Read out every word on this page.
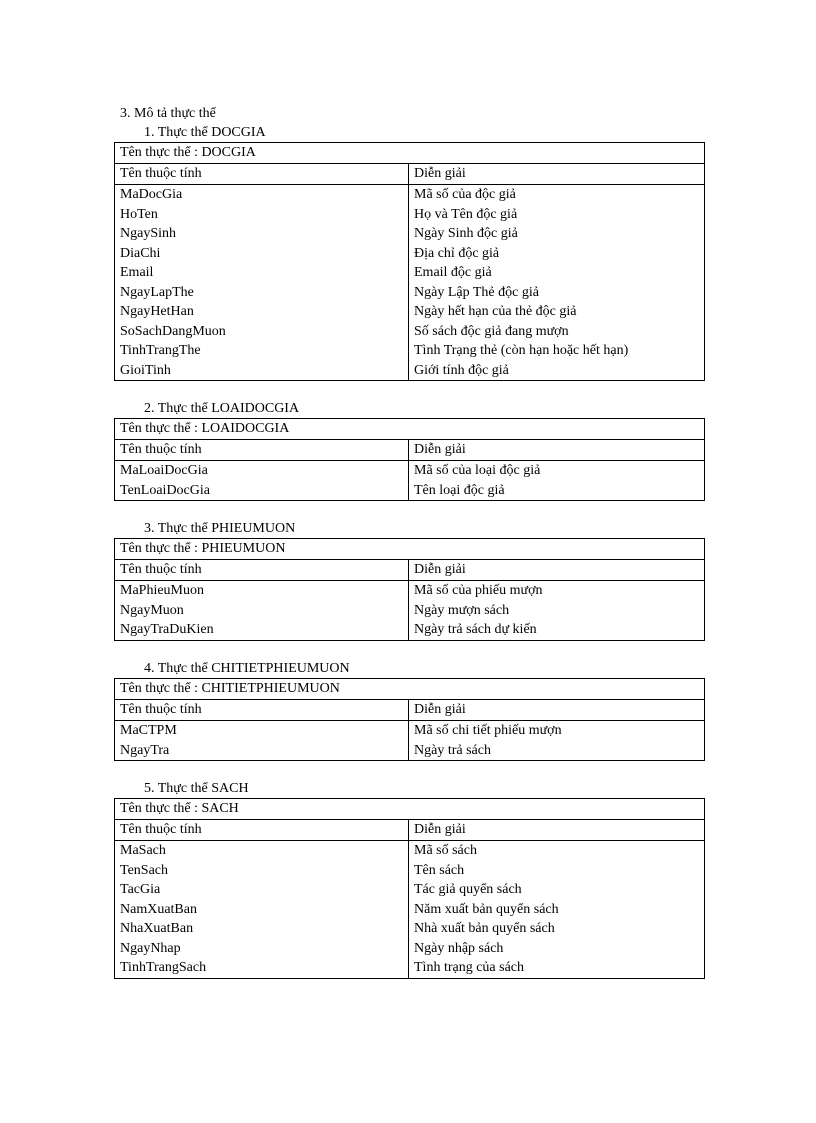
3. Mô tả thực thể
1. Thực thể DOCGIA
Tên thực thể : DOCGIA	
Tên thuộc tính	Diễn giải
MaDocGia	Mã số của độc giả
HoTen	Họ và Tên độc giả
NgaySinh	Ngày Sinh độc giả
DiaChi	Địa chỉ độc giả
Email	Email độc giả
NgayLapThe	Ngày Lập Thẻ độc giả
NgayHetHan	Ngày hết hạn của thẻ độc giả
SoSachDangMuon	Số sách độc giả đang mượn
TinhTrangThe	Tình Trạng thẻ (còn hạn hoặc hết hạn)
GioiTinh	Giới tính độc giả
2. Thực thể LOAIDOCGIA
Tên thực thể : LOAIDOCGIA	
Tên thuộc tính	Diễn giải
MaLoaiDocGia	Mã số của loại độc giả
TenLoaiDocGia	Tên loại độc giả
3. Thực thể PHIEUMUON
Tên thực thể : PHIEUMUON	
Tên thuộc tính	Diễn giải
MaPhieuMuon	Mã số của phiếu mượn
NgayMuon	Ngày mượn sách
NgayTraDuKien	Ngày trả sách dự kiến
4. Thực thể CHITIETPHIEUMUON
Tên thực thể : CHITIETPHIEUMUON	
Tên thuộc tính	Diễn giải
MaCTPM	Mã số chi tiết phiếu mượn
NgayTra	Ngày trả sách
5. Thực thể SACH
Tên thực thể : SACH	
Tên thuộc tính	Diễn giải
MaSach	Mã số sách
TenSach	Tên sách
TacGia	Tác giả quyển sách
NamXuatBan	Năm xuất bản quyển sách
NhaXuatBan	Nhà xuất bản quyển sách
NgayNhap	Ngày nhập sách
TinhTrangSach	Tình trạng của sách
